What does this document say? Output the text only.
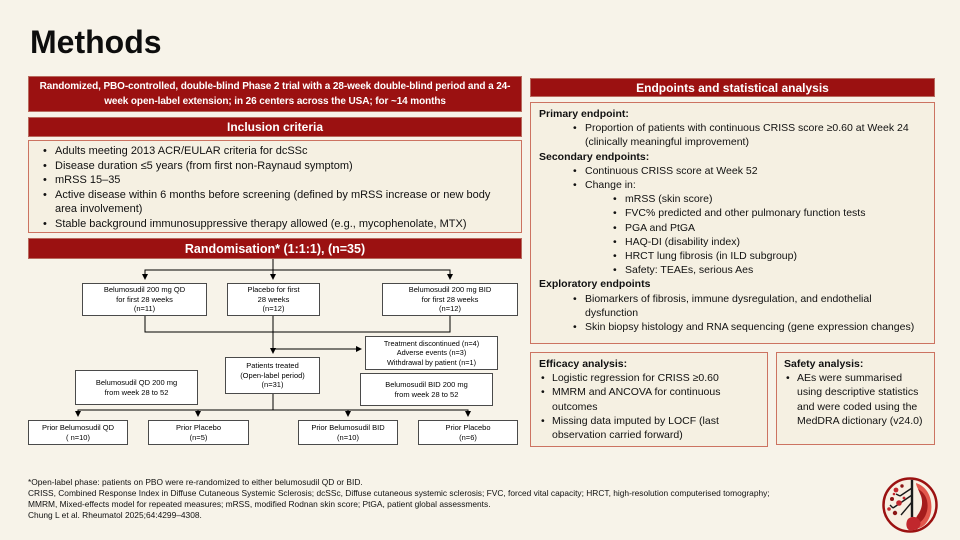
Methods
Randomized, PBO-controlled, double-blind Phase 2 trial with a 28-week double-blind period and a 24-week open-label extension; in 26 centers across the USA; for ~14 months
Inclusion criteria
• Adults meeting 2013 ACR/EULAR criteria for dcSSc
• Disease duration ≤5 years (from first non-Raynaud symptom)
• mRSS 15–35
• Active disease within 6 months before screening (defined by mRSS increase or new body area involvement)
• Stable background immunosuppressive therapy allowed (e.g., mycophenolate, MTX)
Randomisation* (1:1:1), (n=35)
Belumosudil 200 mg QD
for first 28 weeks
(n=11)
Placebo for first
28 weeks
(n=12)
Belumosudil 200 mg BID
for first 28 weeks
(n=12)
Treatment discontinued (n=4)
Adverse events (n=3)
Withdrawal by patient (n=1)
Patients treated
(Open-label period)
(n=31)
Belumosudil QD 200 mg
from week 28 to 52
Belumosudil BID 200 mg
from week 28 to 52
Prior Belumosudil QD
( n=10)
Prior Placebo
(n=5)
Prior Belumosudil BID
(n=10)
Prior Placebo
(n=6)
Endpoints and statistical analysis
Primary endpoint:
• Proportion of patients with continuous CRISS score ≥0.60 at Week 24 (clinically meaningful improvement)
Secondary endpoints:
• Continuous CRISS score at Week 52
• Change in:
• mRSS (skin score)
• FVC% predicted and other pulmonary function tests
• PGA and PtGA
• HAQ-DI (disability index)
• HRCT lung fibrosis (in ILD subgroup)
• Safety: TEAEs, serious Aes
Exploratory endpoints
• Biomarkers of fibrosis, immune dysregulation, and endothelial dysfunction
• Skin biopsy histology and RNA sequencing (gene expression changes)
Efficacy analysis:
• Logistic regression for CRISS ≥0.60
• MMRM and ANCOVA for continuous outcomes
• Missing data imputed by LOCF (last observation carried forward)
Safety analysis:
• AEs were summarised using descriptive statistics and were coded using the MedDRA dictionary (v24.0)
*Open-label phase: patients on PBO were re-randomized to either belumosudil QD or BID.
CRISS, Combined Response Index in Diffuse Cutaneous Systemic Sclerosis; dcSSc, Diffuse cutaneous systemic sclerosis; FVC, forced vital capacity; HRCT, high-resolution computerised tomography;
MMRM, Mixed-effects model for repeated measures; mRSS, modified Rodnan skin score; PtGA, patient global assessments.
Chung L et al. Rheumatol 2025;64:4299–4308.
